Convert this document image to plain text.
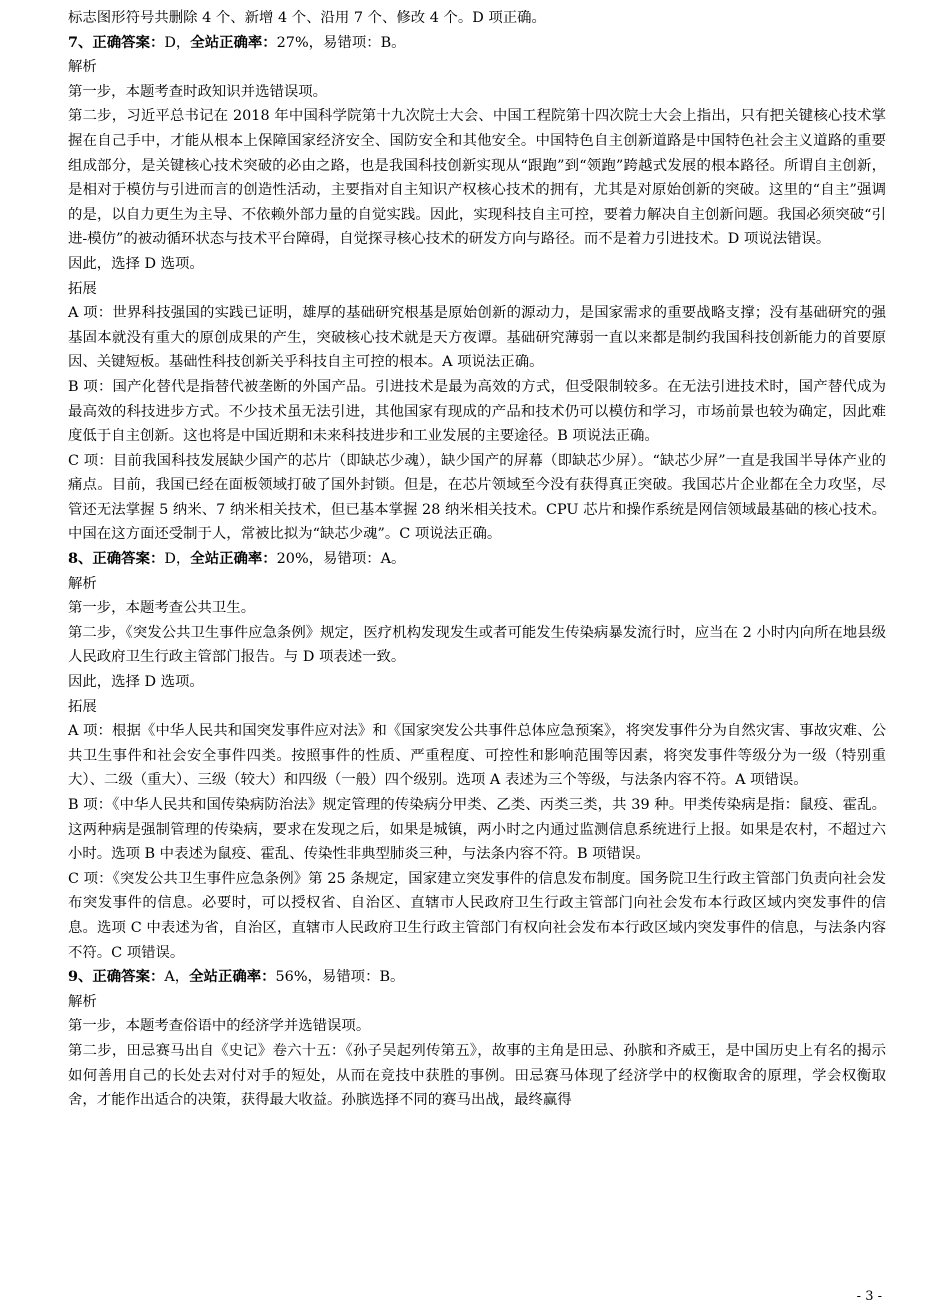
标志图形符号共删除 4 个、新增 4 个、沿用 7 个、修改 4 个。D 项正确。

7、正确答案：D，全站正确率：27%，易错项：B。

解析

第一步，本题考查时政知识并选错误项。

第二步，习近平总书记在 2018 年中国科学院第十九次院士大会、中国工程院第十四次院士大会上指出，只有把关键核心技术掌握在自己手中，才能从根本上保障国家经济安全、国防安全和其他安全。中国特色自主创新道路是中国特色社会主义道路的重要组成部分，是关键核心技术突破的必由之路，也是我国科技创新实现从“跟跑”到“领跑”跨越式发展的根本路径。所谓自主创新，是相对于模仿与引进而言的创造性活动，主要指对自主知识产权核心技术的拥有，尤其是对原始创新的突破。这里的“自主”强调的是，以自力更生为主导、不依赖外部力量的自觉实践。因此，实现科技自主可控，要着力解决自主创新问题。我国必须突破“引进-模仿”的被动循环状态与技术平台障碍，自觉探寻核心技术的研发方向与路径。而不是着力引进技术。D 项说法错误。

因此，选择 D 选项。

拓展

A 项：世界科技强国的实践已证明，雄厚的基础研究根基是原始创新的源动力，是国家需求的重要战略支撑；没有基础研究的强基固本就没有重大的原创成果的产生，突破核心技术就是天方夜谭。基础研究薄弱一直以来都是制约我国科技创新能力的首要原因、关键短板。基础性科技创新关乎科技自主可控的根本。A 项说法正确。

B 项：国产化替代是指替代被垄断的外国产品。引进技术是最为高效的方式，但受限制较多。在无法引进技术时，国产替代成为最高效的科技进步方式。不少技术虽无法引进，其他国家有现成的产品和技术仍可以模仿和学习，市场前景也较为确定，因此难度低于自主创新。这也将是中国近期和未来科技进步和工业发展的主要途径。B 项说法正确。

C 项：目前我国科技发展缺少国产的芯片（即缺芯少魂），缺少国产的屏幕（即缺芯少屏）。“缺芯少屏”一直是我国半导体产业的痛点。目前，我国已经在面板领域打破了国外封锁。但是，在芯片领域至今没有获得真正突破。我国芯片企业都在全力攻坚，尽管还无法掌握 5 纳米、7 纳米相关技术，但已基本掌握 28 纳米相关技术。CPU 芯片和操作系统是网信领域最基础的核心技术。中国在这方面还受制于人，常被比拟为“缺芯少魂”。C 项说法正确。

8、正确答案：D，全站正确率：20%，易错项：A。

解析

第一步，本题考查公共卫生。

第二步，《突发公共卫生事件应急条例》规定，医疗机构发现发生或者可能发生传染病暴发流行时，应当在 2 小时内向所在地县级人民政府卫生行政主管部门报告。与 D 项表述一致。

因此，选择 D 选项。

拓展

A 项：根据《中华人民共和国突发事件应对法》和《国家突发公共事件总体应急预案》，将突发事件分为自然灾害、事故灾难、公共卫生事件和社会安全事件四类。按照事件的性质、严重程度、可控性和影响范围等因素，将突发事件等级分为一级（特别重大）、二级（重大）、三级（较大）和四级（一般）四个级别。选项 A 表述为三个等级，与法条内容不符。A 项错误。

B 项：《中华人民共和国传染病防治法》规定管理的传染病分甲类、乙类、丙类三类，共 39 种。甲类传染病是指：鼠疫、霍乱。这两种病是强制管理的传染病，要求在发现之后，如果是城镇，两小时之内通过监测信息系统进行上报。如果是农村，不超过六小时。选项 B 中表述为鼠疫、霍乱、传染性非典型肺炎三种，与法条内容不符。B 项错误。

C 项：《突发公共卫生事件应急条例》第 25 条规定，国家建立突发事件的信息发布制度。国务院卫生行政主管部门负责向社会发布突发事件的信息。必要时，可以授权省、自治区、直辖市人民政府卫生行政主管部门向社会发布本行政区域内突发事件的信息。选项 C 中表述为省，自治区，直辖市人民政府卫生行政主管部门有权向社会发布本行政区域内突发事件的信息，与法条内容不符。C 项错误。

9、正确答案：A，全站正确率：56%，易错项：B。

解析

第一步，本题考查俗语中的经济学并选错误项。

第二步，田忌赛马出自《史记》卷六十五：《孙子吴起列传第五》，故事的主角是田忌、孙膑和齐威王，是中国历史上有名的揭示如何善用自己的长处去对付对手的短处，从而在竞技中获胜的事例。田忌赛马体现了经济学中的权衡取舍的原理，学会权衡取舍，才能作出适合的决策，获得最大收益。孙膑选择不同的赛马出战，最终赢得

- 3 -
